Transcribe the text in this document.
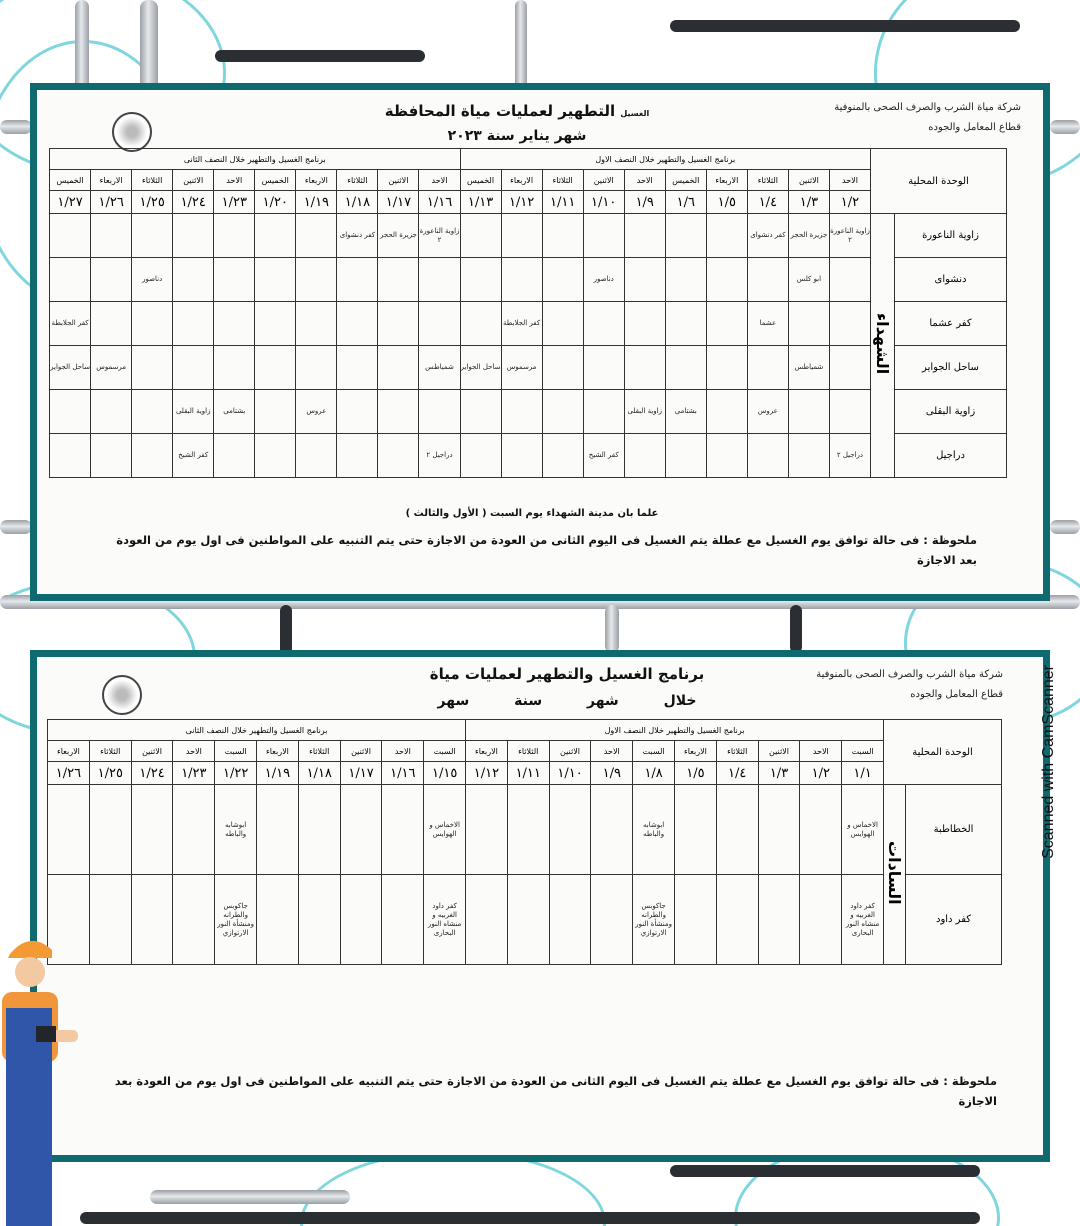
شركة مياة الشرب والصرف الصحى بالمنوفية
قطاع المعامل والجوده
الغسيل التطهير لعمليات مياة المحافظة
شهر يناير سنة ٢٠٢٣
الوحدة المحلية		برنامج الغسيل والتطهير خلال النصف الاول										برنامج الغسيل والتطهير خلال النصف الثانى									
		الاحد	الاثنين	الثلاثاء	الاربعاء	الخميس	الاحد	الاثنين	الثلاثاء	الاربعاء	الخميس	الاحد	الاثنين	الثلاثاء	الاربعاء	الخميس	الاحد	الاثنين	الثلاثاء	الاربعاء	الخميس
		١/٢	١/٣	١/٤	١/٥	١/٦	١/٩	١/١٠	١/١١	١/١٢	١/١٣	١/١٦	١/١٧	١/١٨	١/١٩	١/٢٠	١/٢٣	١/٢٤	١/٢٥	١/٢٦	١/٢٧
زاوية الناعورة	الشهداء	زاوية الناعورة ٢	جزيرة الحجر	كفر دنشواى								زاوية الناعورة ٢	جزيرة الحجر	كفر دنشواى							
دنشواى			ابو كلس					دناصور											دناصور		
كفر عشما				عشما						كفر الجلابطة											كفر الجلابطة
ساحل الجواير			شمياطس							مرسموس	ساحل الجواير	شمياطس								مرسموس	ساحل الجواير
زاوية البقلى				عروس		بشتامى	زاوية البقلى								عروس		بشتامى	زاوية البقلى			
دراجيل		دراجيل ٢						كفر الشيخ				دراجيل ٢						كفر الشيخ			
علما بان مدينة الشهداء يوم السبت ( الأول والثالث )
ملحوظة : فى حالة توافق يوم الغسيل مع عطلة يتم الغسيل فى اليوم الثانى من العودة من الاجازة حتى يتم التنبيه على المواطنين فى اول يوم من العودة بعد الاجازة
شركة مياة الشرب والصرف الصحى بالمنوفية
قطاع المعامل والجوده
برنامج الغسيل والتطهير لعمليات مياة
خلال شهر سنة سهر
الوحدة المحلية		برنامج الغسيل والتطهير خلال النصف الاول										برنامج الغسيل والتطهير خلال النصف الثانى									
		السبت	الاحد	الاثنين	الثلاثاء	الاربعاء	السبت	الاحد	الاثنين	الثلاثاء	الاربعاء	السبت	الاحد	الاثنين	الثلاثاء	الاربعاء	السبت	الاحد	الاثنين	الثلاثاء	الاربعاء
		١/١	١/٢	١/٣	١/٤	١/٥	١/٨	١/٩	١/١٠	١/١١	١/١٢	١/١٥	١/١٦	١/١٧	١/١٨	١/١٩	١/٢٢	١/٢٣	١/٢٤	١/٢٥	١/٢٦
الخطاطبة	السادات	الاخماس و الهوايس					ابوشابه والباطه					الاخماس و الهوايس					ابوشابه والباطه				
كفر داود		كفر داود الغربيه و منشاه النور البحارى					جاكوبس والطرانه ومنشأة النور الارتوازي					كفر داود الغربيه و منشاه النور البحارى					جاكوبس والطرانه ومنشأة النور الارتوازي				
ملحوظة : فى حالة توافق يوم الغسيل مع عطلة يتم الغسيل فى اليوم الثانى من العودة من الاجازة حتى يتم التنبيه على المواطنين فى اول يوم من العودة بعد الاجازة
Scanned with CamScanner
